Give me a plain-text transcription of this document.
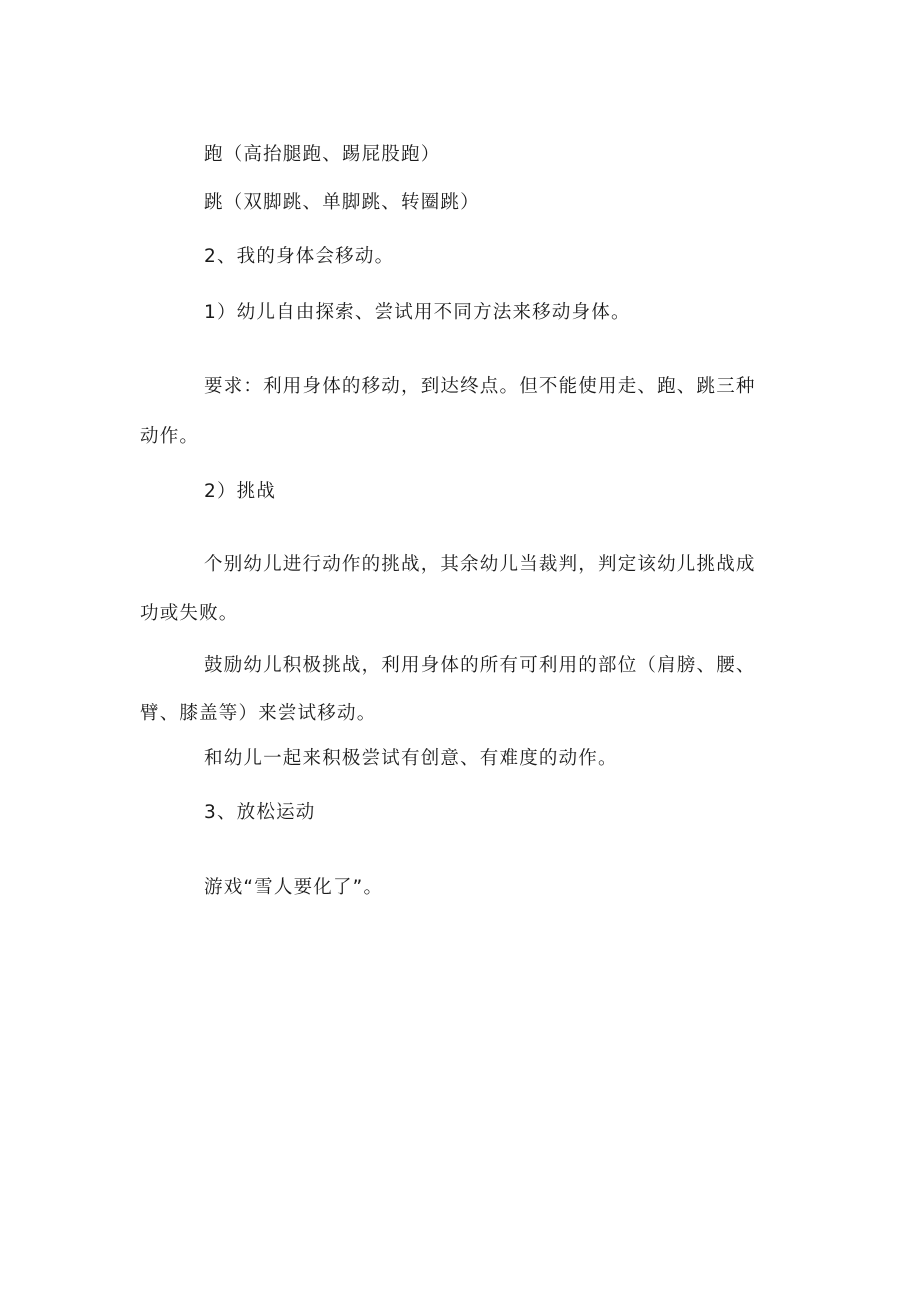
跑（高抬腿跑、踢屁股跑）
跳（双脚跳、单脚跳、转圈跳）
2、我的身体会移动。
1）幼儿自由探索、尝试用不同方法来移动身体。
要求：利用身体的移动，到达终点。但不能使用走、跑、跳三种
动作。
2）挑战
个别幼儿进行动作的挑战，其余幼儿当裁判，判定该幼儿挑战成
功或失败。
鼓励幼儿积极挑战，利用身体的所有可利用的部位（肩膀、腰、
臂、膝盖等）来尝试移动。
和幼儿一起来积极尝试有创意、有难度的动作。
3、放松运动
游戏“雪人要化了”。
